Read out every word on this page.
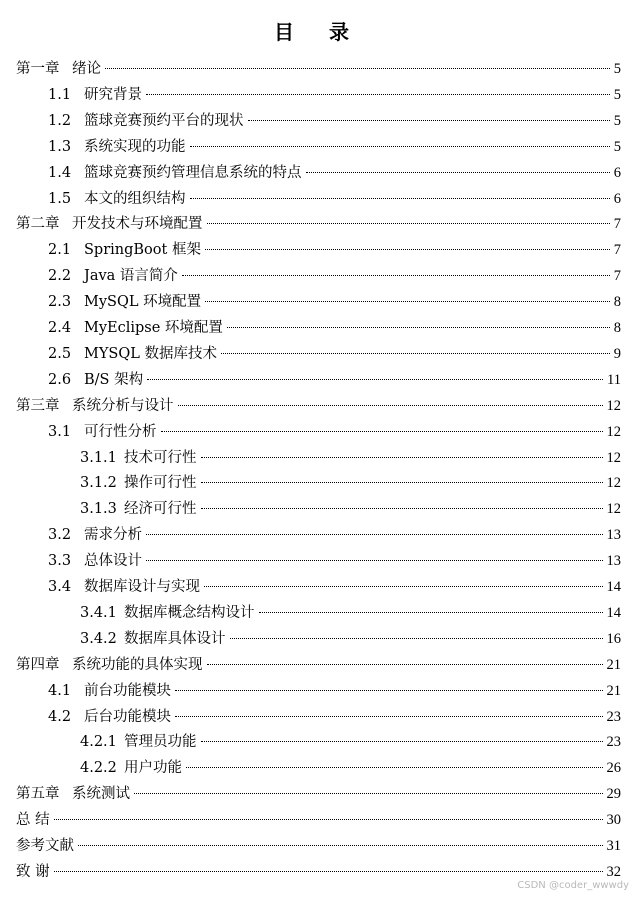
目 录
第一章 绪论	5
1.1 研究背景	5
1.2 篮球竞赛预约平台的现状	5
1.3 系统实现的功能	5
1.4 篮球竞赛预约管理信息系统的特点	6
1.5 本文的组织结构	6
第二章 开发技术与环境配置	7
2.1 SpringBoot 框架	7
2.2 Java 语言简介	7
2.3 MySQL 环境配置	8
2.4 MyEclipse 环境配置	8
2.5 MYSQL 数据库技术	9
2.6 B/S 架构	11
第三章 系统分析与设计	12
3.1 可行性分析	12
3.1.1 技术可行性	12
3.1.2 操作可行性	12
3.1.3 经济可行性	12
3.2 需求分析	13
3.3 总体设计	13
3.4 数据库设计与实现	14
3.4.1 数据库概念结构设计	14
3.4.2 数据库具体设计	16
第四章 系统功能的具体实现	21
4.1 前台功能模块	21
4.2 后台功能模块	23
4.2.1 管理员功能	23
4.2.2 用户功能	26
第五章 系统测试	29
总 结	30
参考文献	31
致 谢	32
CSDN @coder_wwwdy
